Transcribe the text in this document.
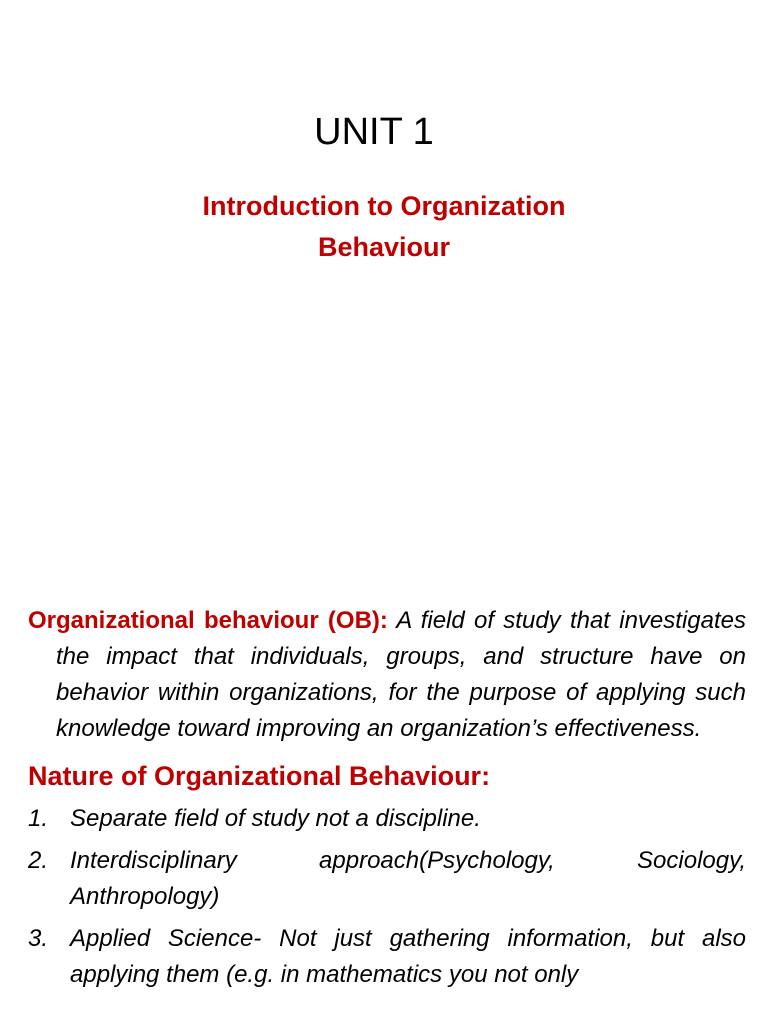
UNIT 1
Introduction to Organization
Behaviour

Organizational behaviour (OB): A field of study that investigates the impact that individuals, groups, and structure have on behavior within organizations, for the purpose of applying such knowledge toward improving an organization’s effectiveness.

Nature of Organizational Behaviour:
1. Separate field of study not a discipline.
2. Interdisciplinary approach(Psychology, Sociology, Anthropology)
3. Applied Science- Not just gathering information, but also applying them (e.g. in mathematics you not only
